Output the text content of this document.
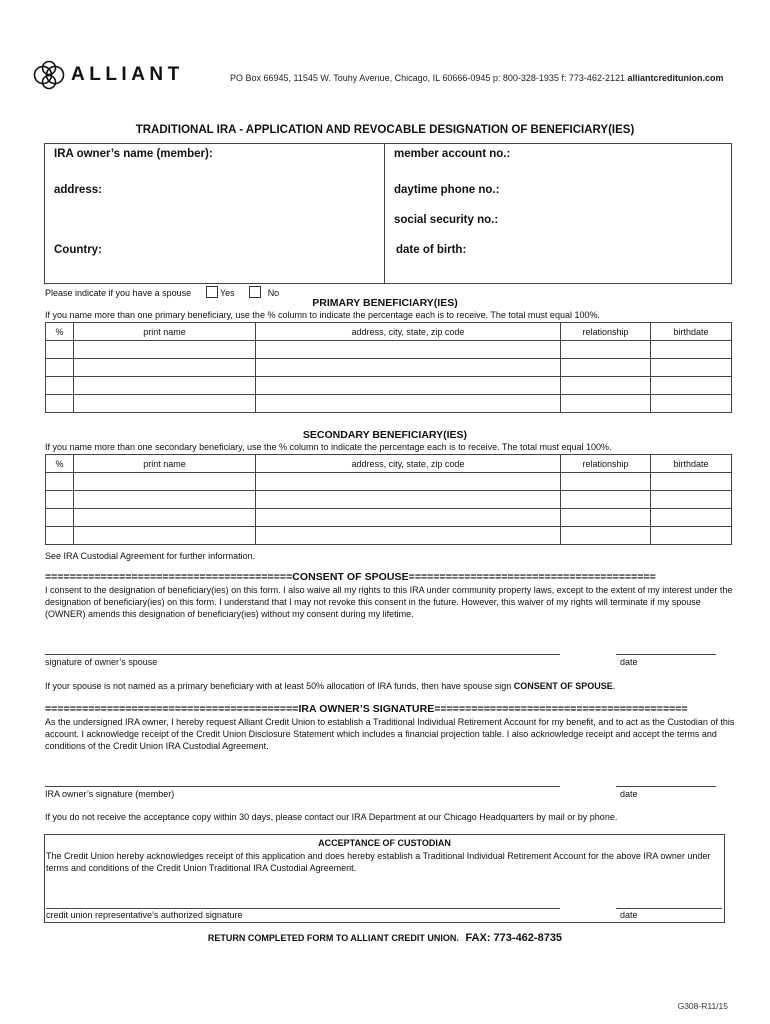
ALLIANT	PO Box 66945, 11545 W. Touhy Avenue, Chicago, IL 60666-0945 p: 800-328-1935 f: 773-462-2121 alliantcreditunion.com
TRADITIONAL IRA - APPLICATION AND REVOCABLE DESIGNATION OF BENEFICIARY(IES)
IRA owner’s name (member):
address:
Country:
member account no.:
daytime phone no.:
social security no.:
date of birth:
Please indicate if you have a spouse	Yes	No
PRIMARY BENEFICIARY(IES)
If you name more than one primary beneficiary, use the % column to indicate the percentage each is to receive. The total must equal 100%.
%	print name	address, city, state, zip code	relationship	birthdate

SECONDARY BENEFICIARY(IES)
If you name more than one secondary beneficiary, use the % column to indicate the percentage each is to receive. The total must equal 100%.
%	print name	address, city, state, zip code	relationship	birthdate

See IRA Custodial Agreement for further information.
========================================CONSENT OF SPOUSE========================================
I consent to the designation of beneficiary(ies) on this form. I also waive all my rights to this IRA under community property laws, except to the extent of my interest under the designation of beneficiary(ies) on this form. I understand that I may not revoke this consent in the future. However, this waiver of my rights will terminate if my spouse (OWNER) amends this designation of beneficiary(ies) without my consent during my lifetime.
signature of owner’s spouse	date
If your spouse is not named as a primary beneficiary with at least 50% allocation of IRA funds, then have spouse sign CONSENT OF SPOUSE.
=========================================IRA OWNER’S SIGNATURE=========================================
As the undersigned IRA owner, I hereby request Alliant Credit Union to establish a Traditional Individual Retirement Account for my benefit, and to act as the Custodian of this account. I acknowledge receipt of the Credit Union Disclosure Statement which includes a financial projection table. I also acknowledge receipt and accept the terms and conditions of the Credit Union IRA Custodial Agreement.
IRA owner’s signature (member)	date
If you do not receive the acceptance copy within 30 days, please contact our IRA Department at our Chicago Headquarters by mail or by phone.
ACCEPTANCE OF CUSTODIAN
The Credit Union hereby acknowledges receipt of this application and does hereby establish a Traditional Individual Retirement Account for the above IRA owner under terms and conditions of the Credit Union Traditional IRA Custodial Agreement.
credit union representative’s authorized signature	date
RETURN COMPLETED FORM TO ALLIANT CREDIT UNION. FAX: 773-462-8735
G308-R11/15
